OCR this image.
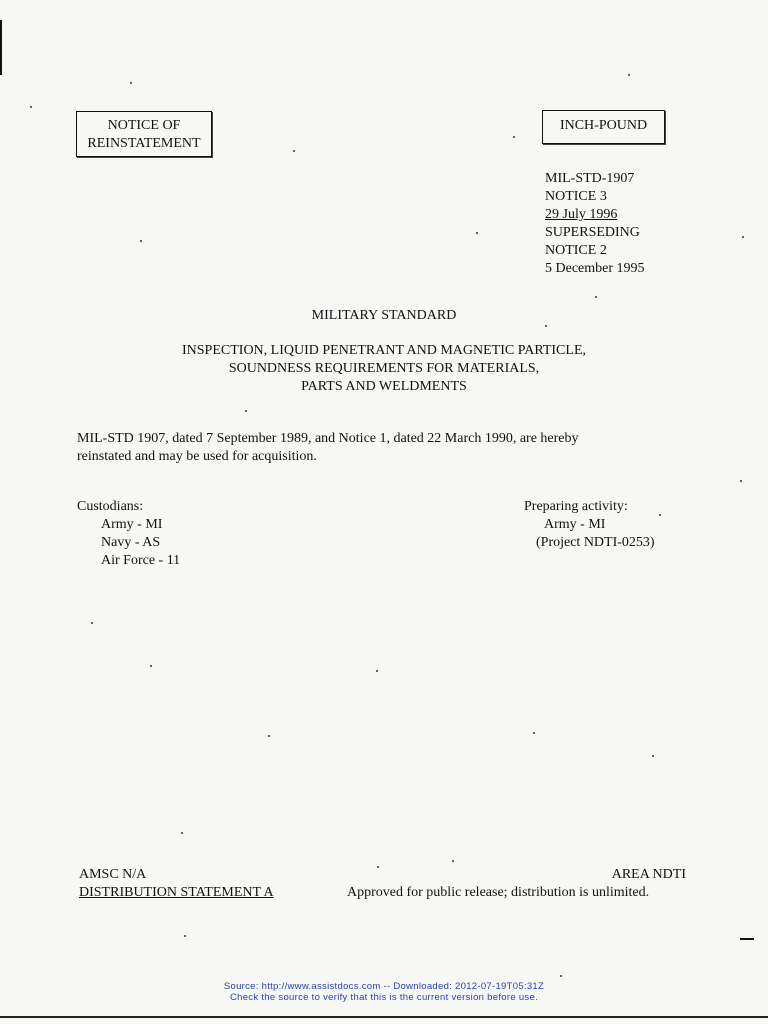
NOTICE OF
REINSTATEMENT
INCH-POUND
MIL-STD-1907
NOTICE 3
29 July 1996
SUPERSEDING
NOTICE 2
5 December 1995
MILITARY STANDARD
INSPECTION, LIQUID PENETRANT AND MAGNETIC PARTICLE,
SOUNDNESS REQUIREMENTS FOR MATERIALS,
PARTS AND WELDMENTS
MIL-STD 1907, dated 7 September 1989, and Notice 1, dated 22 March 1990, are hereby
reinstated and may be used for acquisition.
Custodians:
Army - MI
Navy - AS
Air Force - 11
Preparing activity:
Army - MI
(Project NDTI-0253)
AMSC N/A	AREA NDTI
DISTRIBUTION STATEMENT A	Approved for public release; distribution is unlimited.
Source: http://www.assistdocs.com -- Downloaded: 2012-07-19T05:31Z
Check the source to verify that this is the current version before use.
